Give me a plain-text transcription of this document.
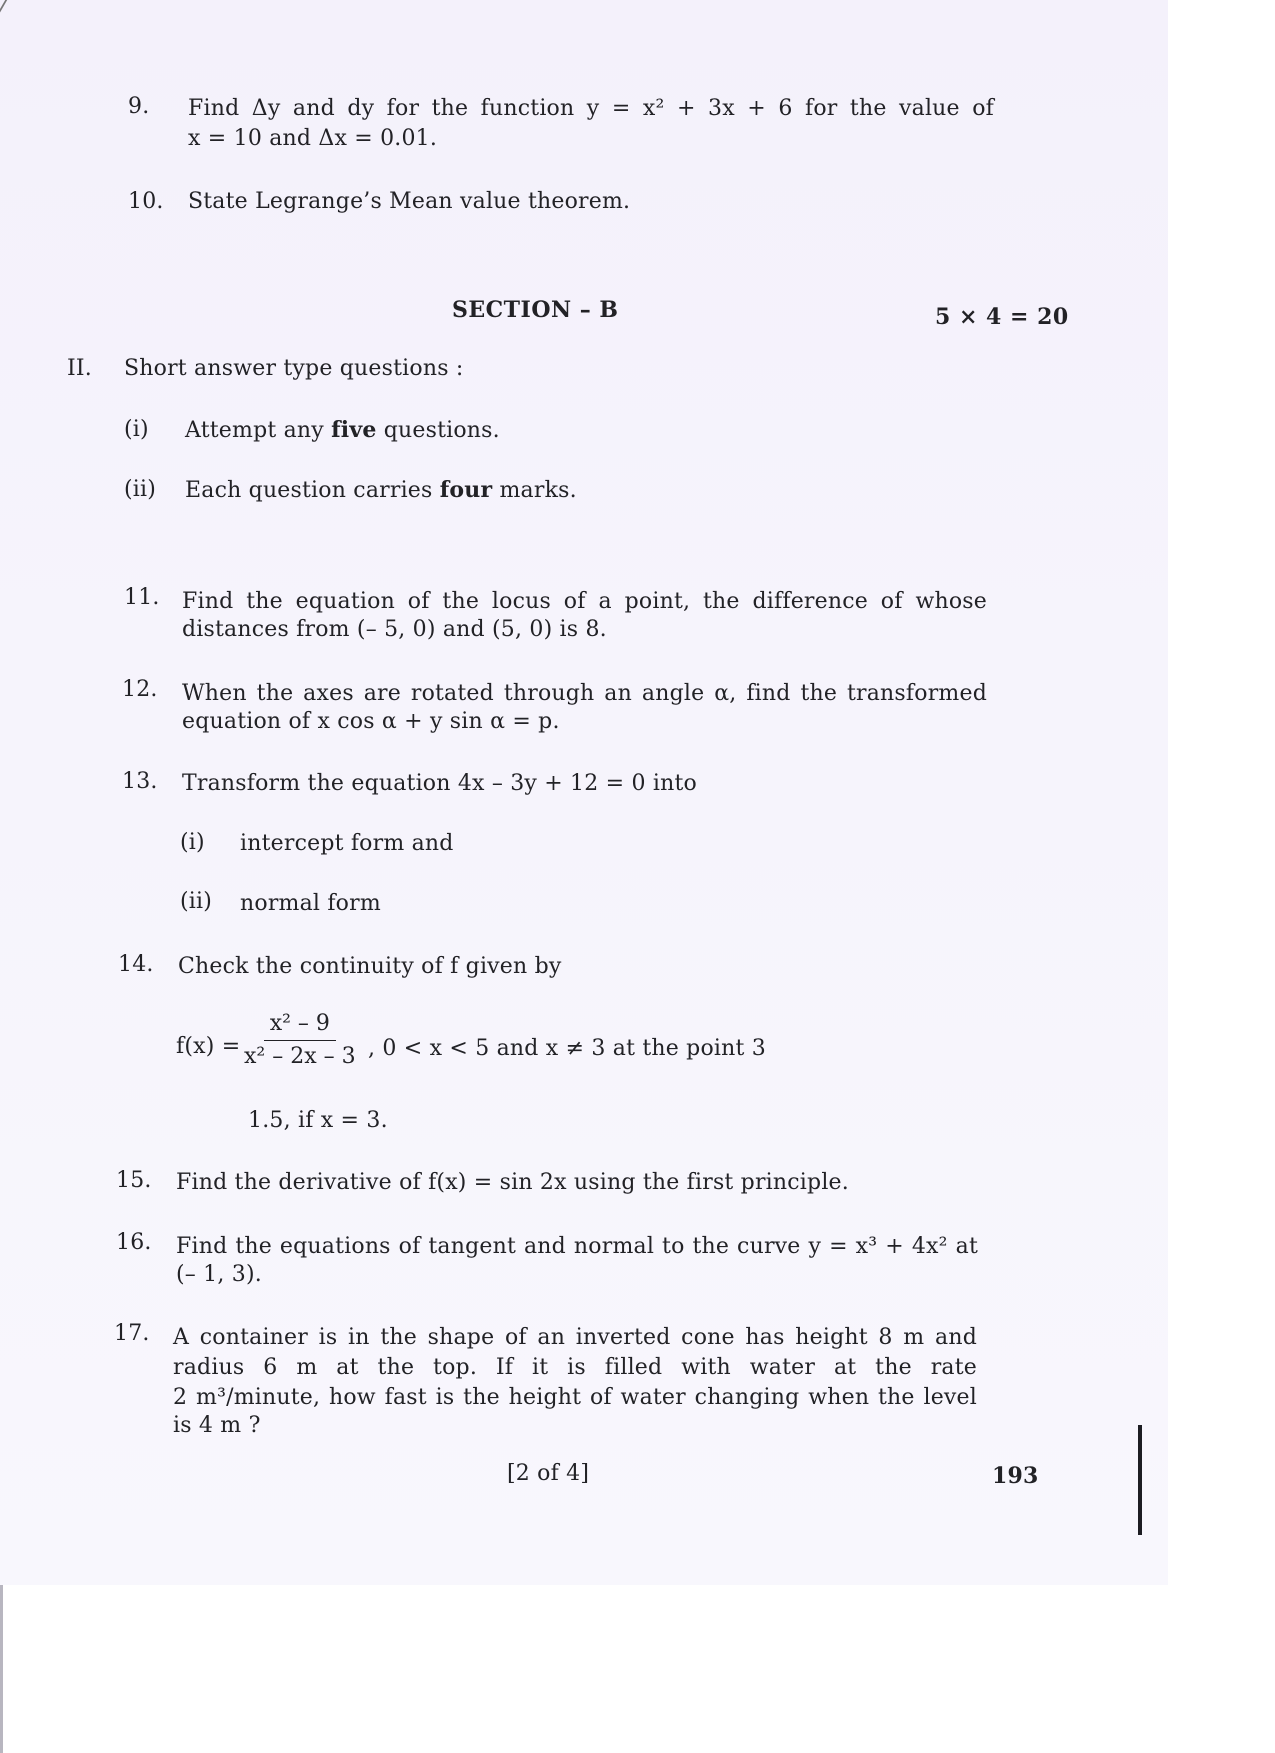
9. Find Δy and dy for the function y = x² + 3x + 6 for the value of
x = 10 and Δx = 0.01.
10. State Legrange’s Mean value theorem.
SECTION – B	5 × 4 = 20
II. Short answer type questions :
(i) Attempt any five questions.
(ii) Each question carries four marks.
11. Find the equation of the locus of a point, the difference of whose
distances from (– 5, 0) and (5, 0) is 8.
12. When the axes are rotated through an angle α, find the transformed
equation of x cos α + y sin α = p.
13. Transform the equation 4x – 3y + 12 = 0 into
(i) intercept form and
(ii) normal form
14. Check the continuity of f given by
f(x) =
$\frac{\text{x² – 9}}{\text{x² – 2x – 3}}$ , 0 < x < 5 and x ≠ 3 at the point 3
1.5, if x = 3.
15. Find the derivative of f(x) = sin 2x using the first principle.
16. Find the equations of tangent and normal to the curve y = x³ + 4x² at
(– 1, 3).
17. A container is in the shape of an inverted cone has height 8 m and
radius 6 m at the top. If it is filled with water at the rate
2 m³/minute, how fast is the height of water changing when the level
is 4 m ?
[2 of 4]	193
